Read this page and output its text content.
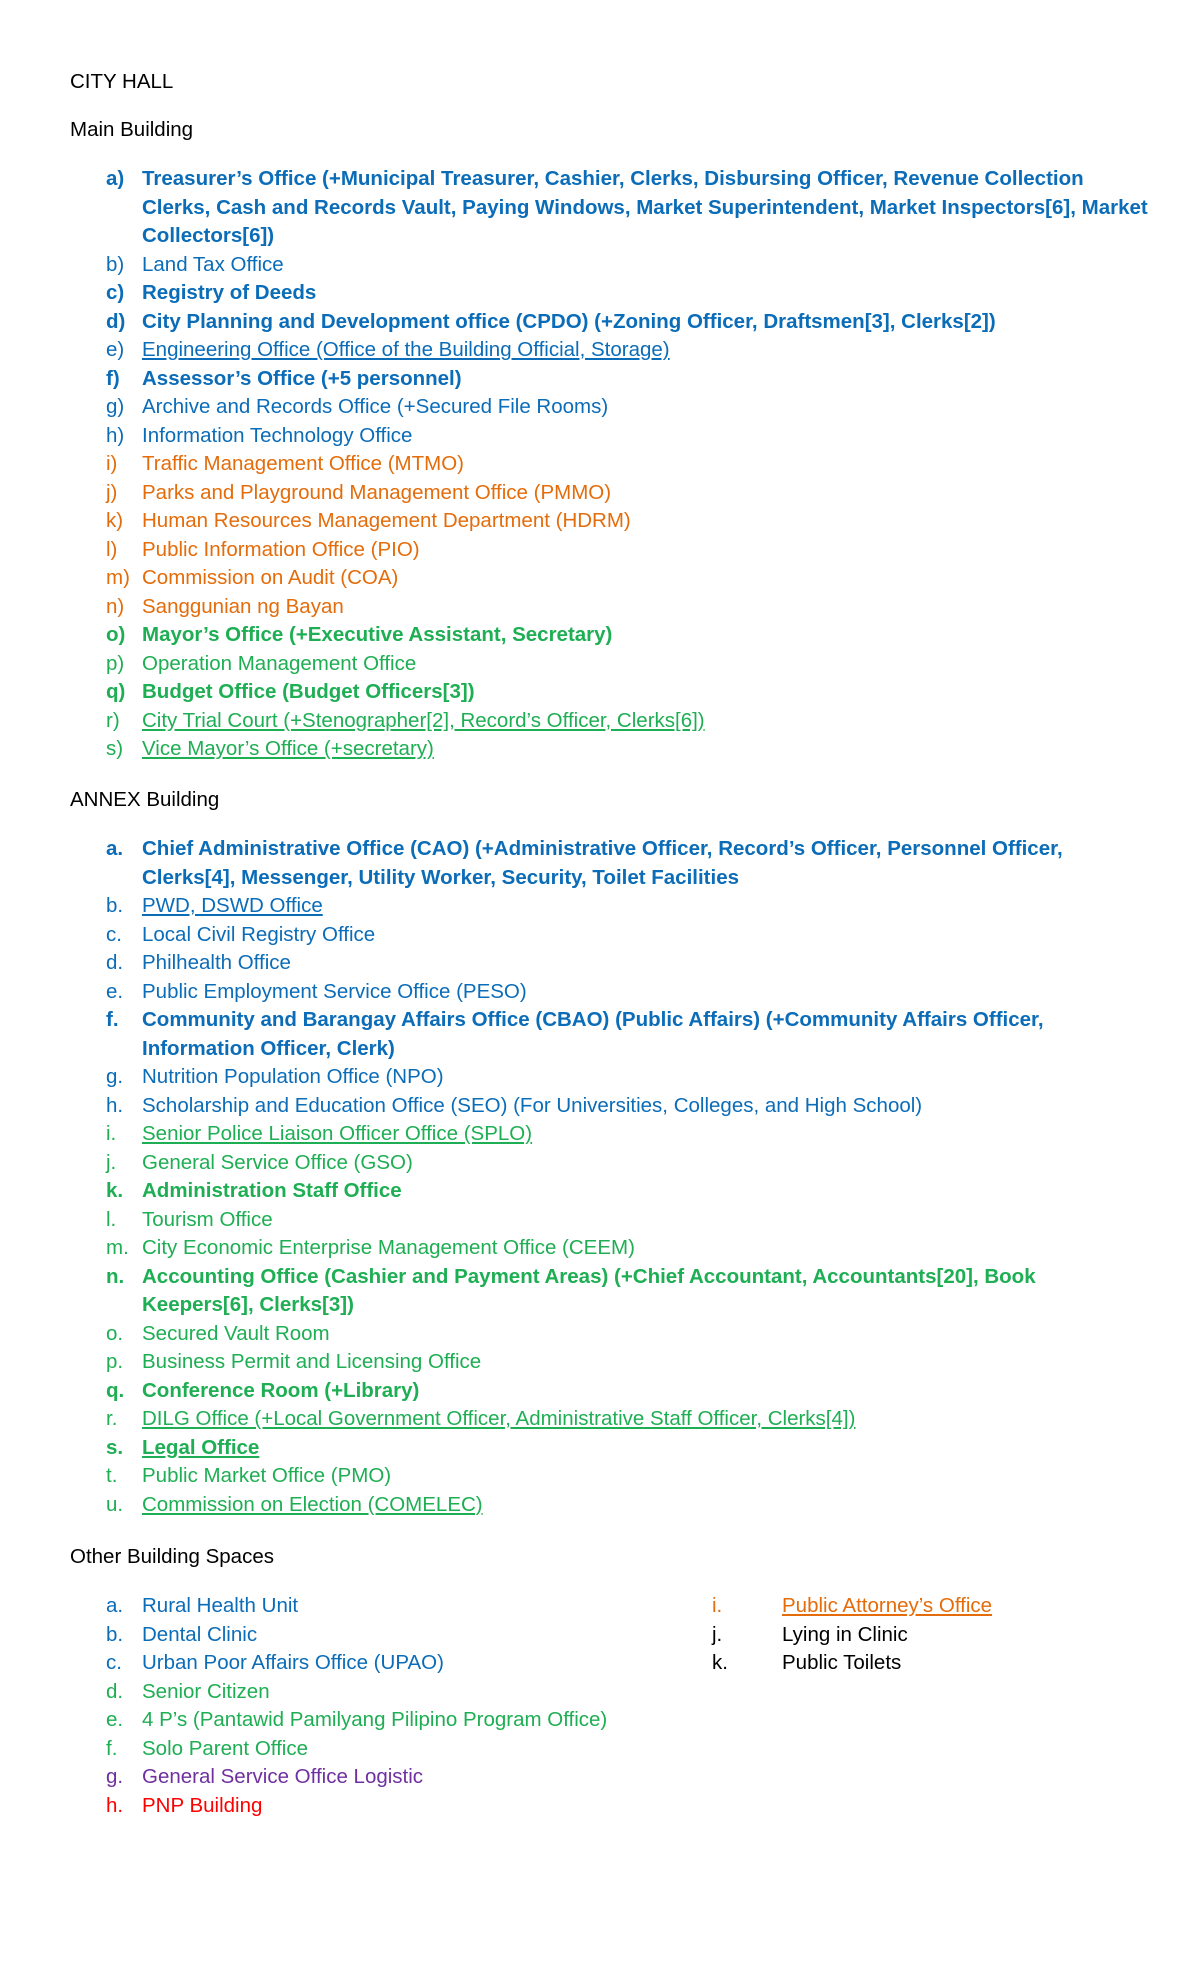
CITY HALL
Main Building
a) Treasurer’s Office (+Municipal Treasurer, Cashier, Clerks, Disbursing Officer, Revenue Collection Clerks, Cash and Records Vault, Paying Windows, Market Superintendent, Market Inspectors[6], Market Collectors[6])
b) Land Tax Office
c) Registry of Deeds
d) City Planning and Development office (CPDO) (+Zoning Officer, Draftsmen[3], Clerks[2])
e) Engineering Office (Office of the Building Official, Storage)
f) Assessor’s Office (+5 personnel)
g) Archive and Records Office (+Secured File Rooms)
h) Information Technology Office
i) Traffic Management Office (MTMO)
j) Parks and Playground Management Office (PMMO)
k) Human Resources Management Department (HDRM)
l) Public Information Office (PIO)
m) Commission on Audit (COA)
n) Sanggunian ng Bayan
o) Mayor’s Office (+Executive Assistant, Secretary)
p) Operation Management Office
q) Budget Office (Budget Officers[3])
r) City Trial Court (+Stenographer[2], Record’s Officer, Clerks[6])
s) Vice Mayor’s Office (+secretary)
ANNEX Building
a. Chief Administrative Office (CAO) (+Administrative Officer, Record’s Officer, Personnel Officer, Clerks[4], Messenger, Utility Worker, Security, Toilet Facilities
b. PWD, DSWD Office
c. Local Civil Registry Office
d. Philhealth Office
e. Public Employment Service Office (PESO)
f. Community and Barangay Affairs Office (CBAO) (Public Affairs) (+Community Affairs Officer, Information Officer, Clerk)
g. Nutrition Population Office (NPO)
h. Scholarship and Education Office (SEO) (For Universities, Colleges, and High School)
i. Senior Police Liaison Officer Office (SPLO)
j. General Service Office (GSO)
k. Administration Staff Office
l. Tourism Office
m. City Economic Enterprise Management Office (CEEM)
n. Accounting Office (Cashier and Payment Areas) (+Chief Accountant, Accountants[20], Book Keepers[6], Clerks[3])
o. Secured Vault Room
p. Business Permit and Licensing Office
q. Conference Room (+Library)
r. DILG Office (+Local Government Officer, Administrative Staff Officer, Clerks[4])
s. Legal Office
t. Public Market Office (PMO)
u. Commission on Election (COMELEC)
Other Building Spaces
a. Rural Health Unit
b. Dental Clinic
c. Urban Poor Affairs Office (UPAO)
d. Senior Citizen
e. 4 P’s (Pantawid Pamilyang Pilipino Program Office)
f. Solo Parent Office
g. General Service Office Logistic
h. PNP Building
i.	Public Attorney’s Office
j.	Lying in Clinic
k.	Public Toilets
